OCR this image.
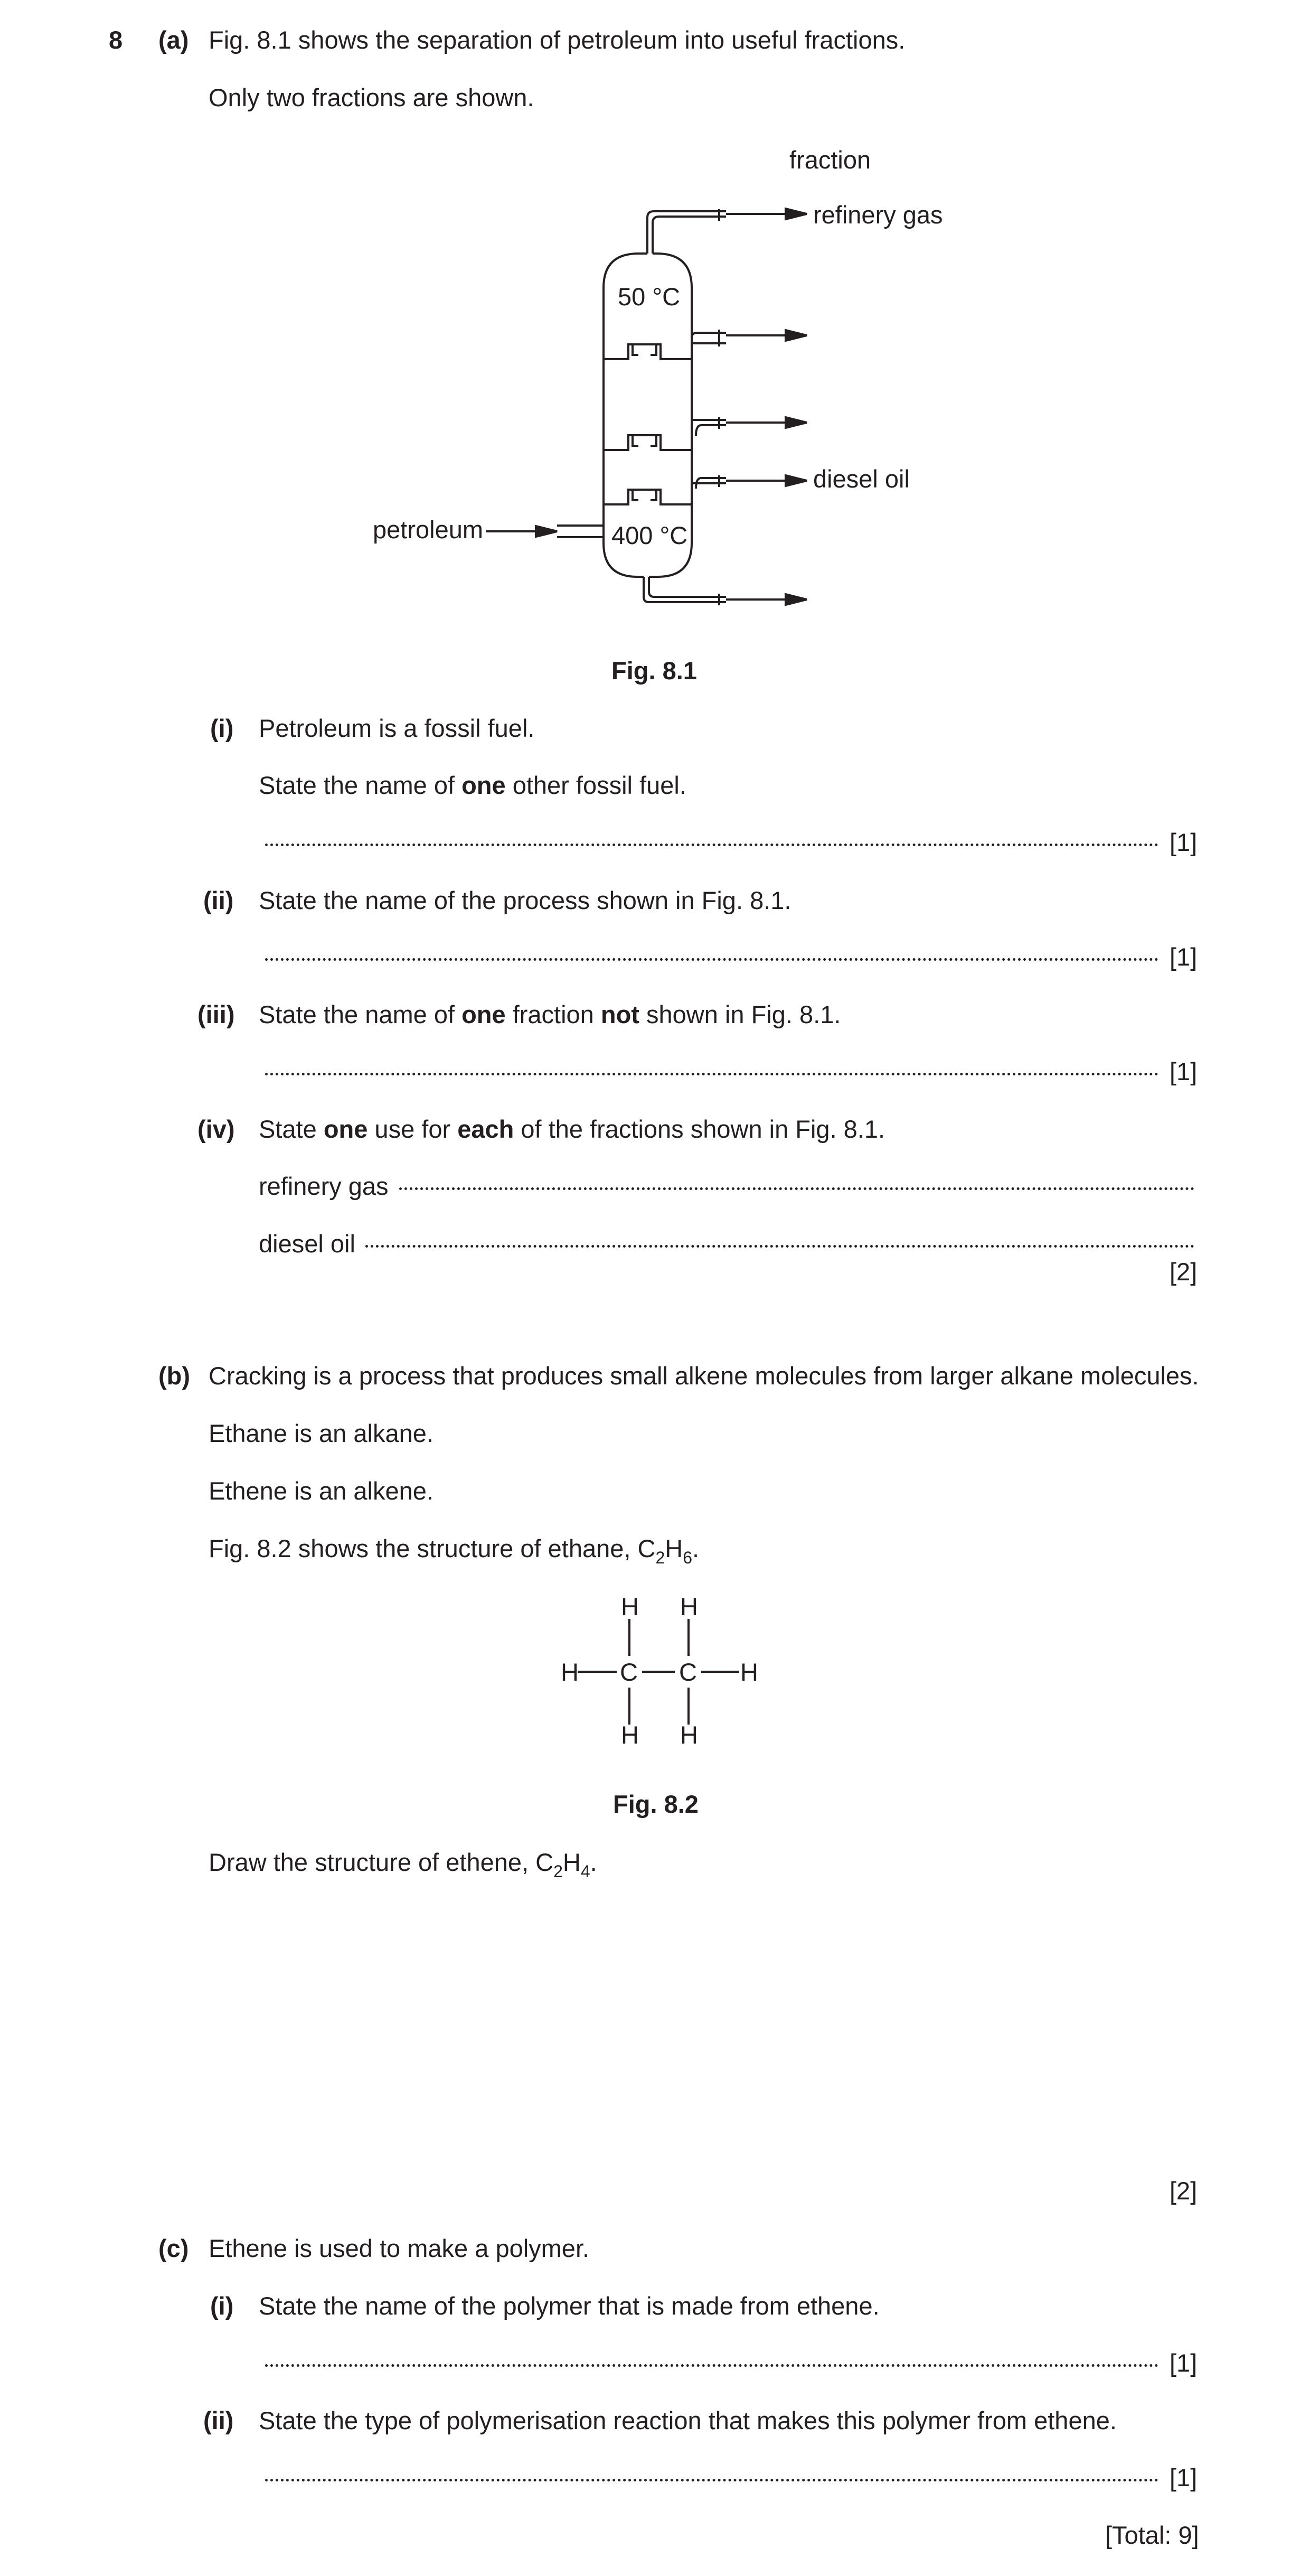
8 (a) Fig. 8.1 shows the separation of petroleum into useful fractions.
Only two fractions are shown.
fraction
refinery gas
50 °C
diesel oil
petroleum	400 °C
Fig. 8.1
(i) Petroleum is a fossil fuel.
State the name of one other fossil fuel.
[1]
(ii) State the name of the process shown in Fig. 8.1.
[1]
(iii) State the name of one fraction not shown in Fig. 8.1.
[1]
(iv) State one use for each of the fractions shown in Fig. 8.1.
refinery gas
diesel oil
[2]
(b) Cracking is a process that produces small alkene molecules from larger alkane molecules.
Ethane is an alkane.
Ethene is an alkene.
Fig. 8.2 shows the structure of ethane, $C_2H_6$.
H H
H C C H
H H
Fig. 8.2
Draw the structure of ethene, $C_2H_4$.
[2]
(c) Ethene is used to make a polymer.
(i) State the name of the polymer that is made from ethene.
[1]
(ii) State the type of polymerisation reaction that makes this polymer from ethene.
[1]
[Total: 9]
